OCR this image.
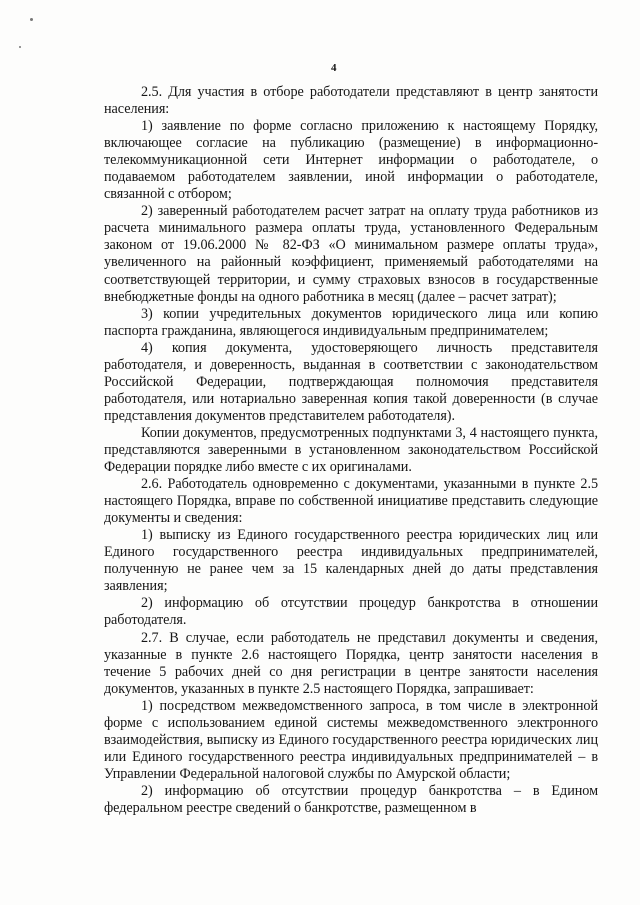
4

2.5. Для участия в отборе работодатели представляют в центр занятости населения:

1) заявление по форме согласно приложению к настоящему Порядку, включающее согласие на публикацию (размещение) в информационно-телекоммуникационной сети Интернет информации о работодателе, о подаваемом работодателем заявлении, иной информации о работодателе, связанной с отбором;

2) заверенный работодателем расчет затрат на оплату труда работников из расчета минимального размера оплаты труда, установленного Федеральным законом от 19.06.2000 № 82-ФЗ «О минимальном размере оплаты труда», увеличенного на районный коэффициент, применяемый работодателями на соответствующей территории, и сумму страховых взносов в государственные внебюджетные фонды на одного работника в месяц (далее – расчет затрат);

3) копии учредительных документов юридического лица или копию паспорта гражданина, являющегося индивидуальным предпринимателем;

4) копия документа, удостоверяющего личность представителя работодателя, и доверенность, выданная в соответствии с законодательством Российской Федерации, подтверждающая полномочия представителя работодателя, или нотариально заверенная копия такой доверенности (в случае представления документов представителем работодателя).

Копии документов, предусмотренных подпунктами 3, 4 настоящего пункта, представляются заверенными в установленном законодательством Российской Федерации порядке либо вместе с их оригиналами.

2.6. Работодатель одновременно с документами, указанными в пункте 2.5 настоящего Порядка, вправе по собственной инициативе представить следующие документы и сведения:

1) выписку из Единого государственного реестра юридических лиц или Единого государственного реестра индивидуальных предпринимателей, полученную не ранее чем за 15 календарных дней до даты представления заявления;

2) информацию об отсутствии процедур банкротства в отношении работодателя.

2.7. В случае, если работодатель не представил документы и сведения, указанные в пункте 2.6 настоящего Порядка, центр занятости населения в течение 5 рабочих дней со дня регистрации в центре занятости населения документов, указанных в пункте 2.5 настоящего Порядка, запрашивает:

1) посредством межведомственного запроса, в том числе в электронной форме с использованием единой системы межведомственного электронного взаимодействия, выписку из Единого государственного реестра юридических лиц или Единого государственного реестра индивидуальных предпринимателей – в Управлении Федеральной налоговой службы по Амурской области;

2) информацию об отсутствии процедур банкротства – в Едином федеральном реестре сведений о банкротстве, размещенном в
